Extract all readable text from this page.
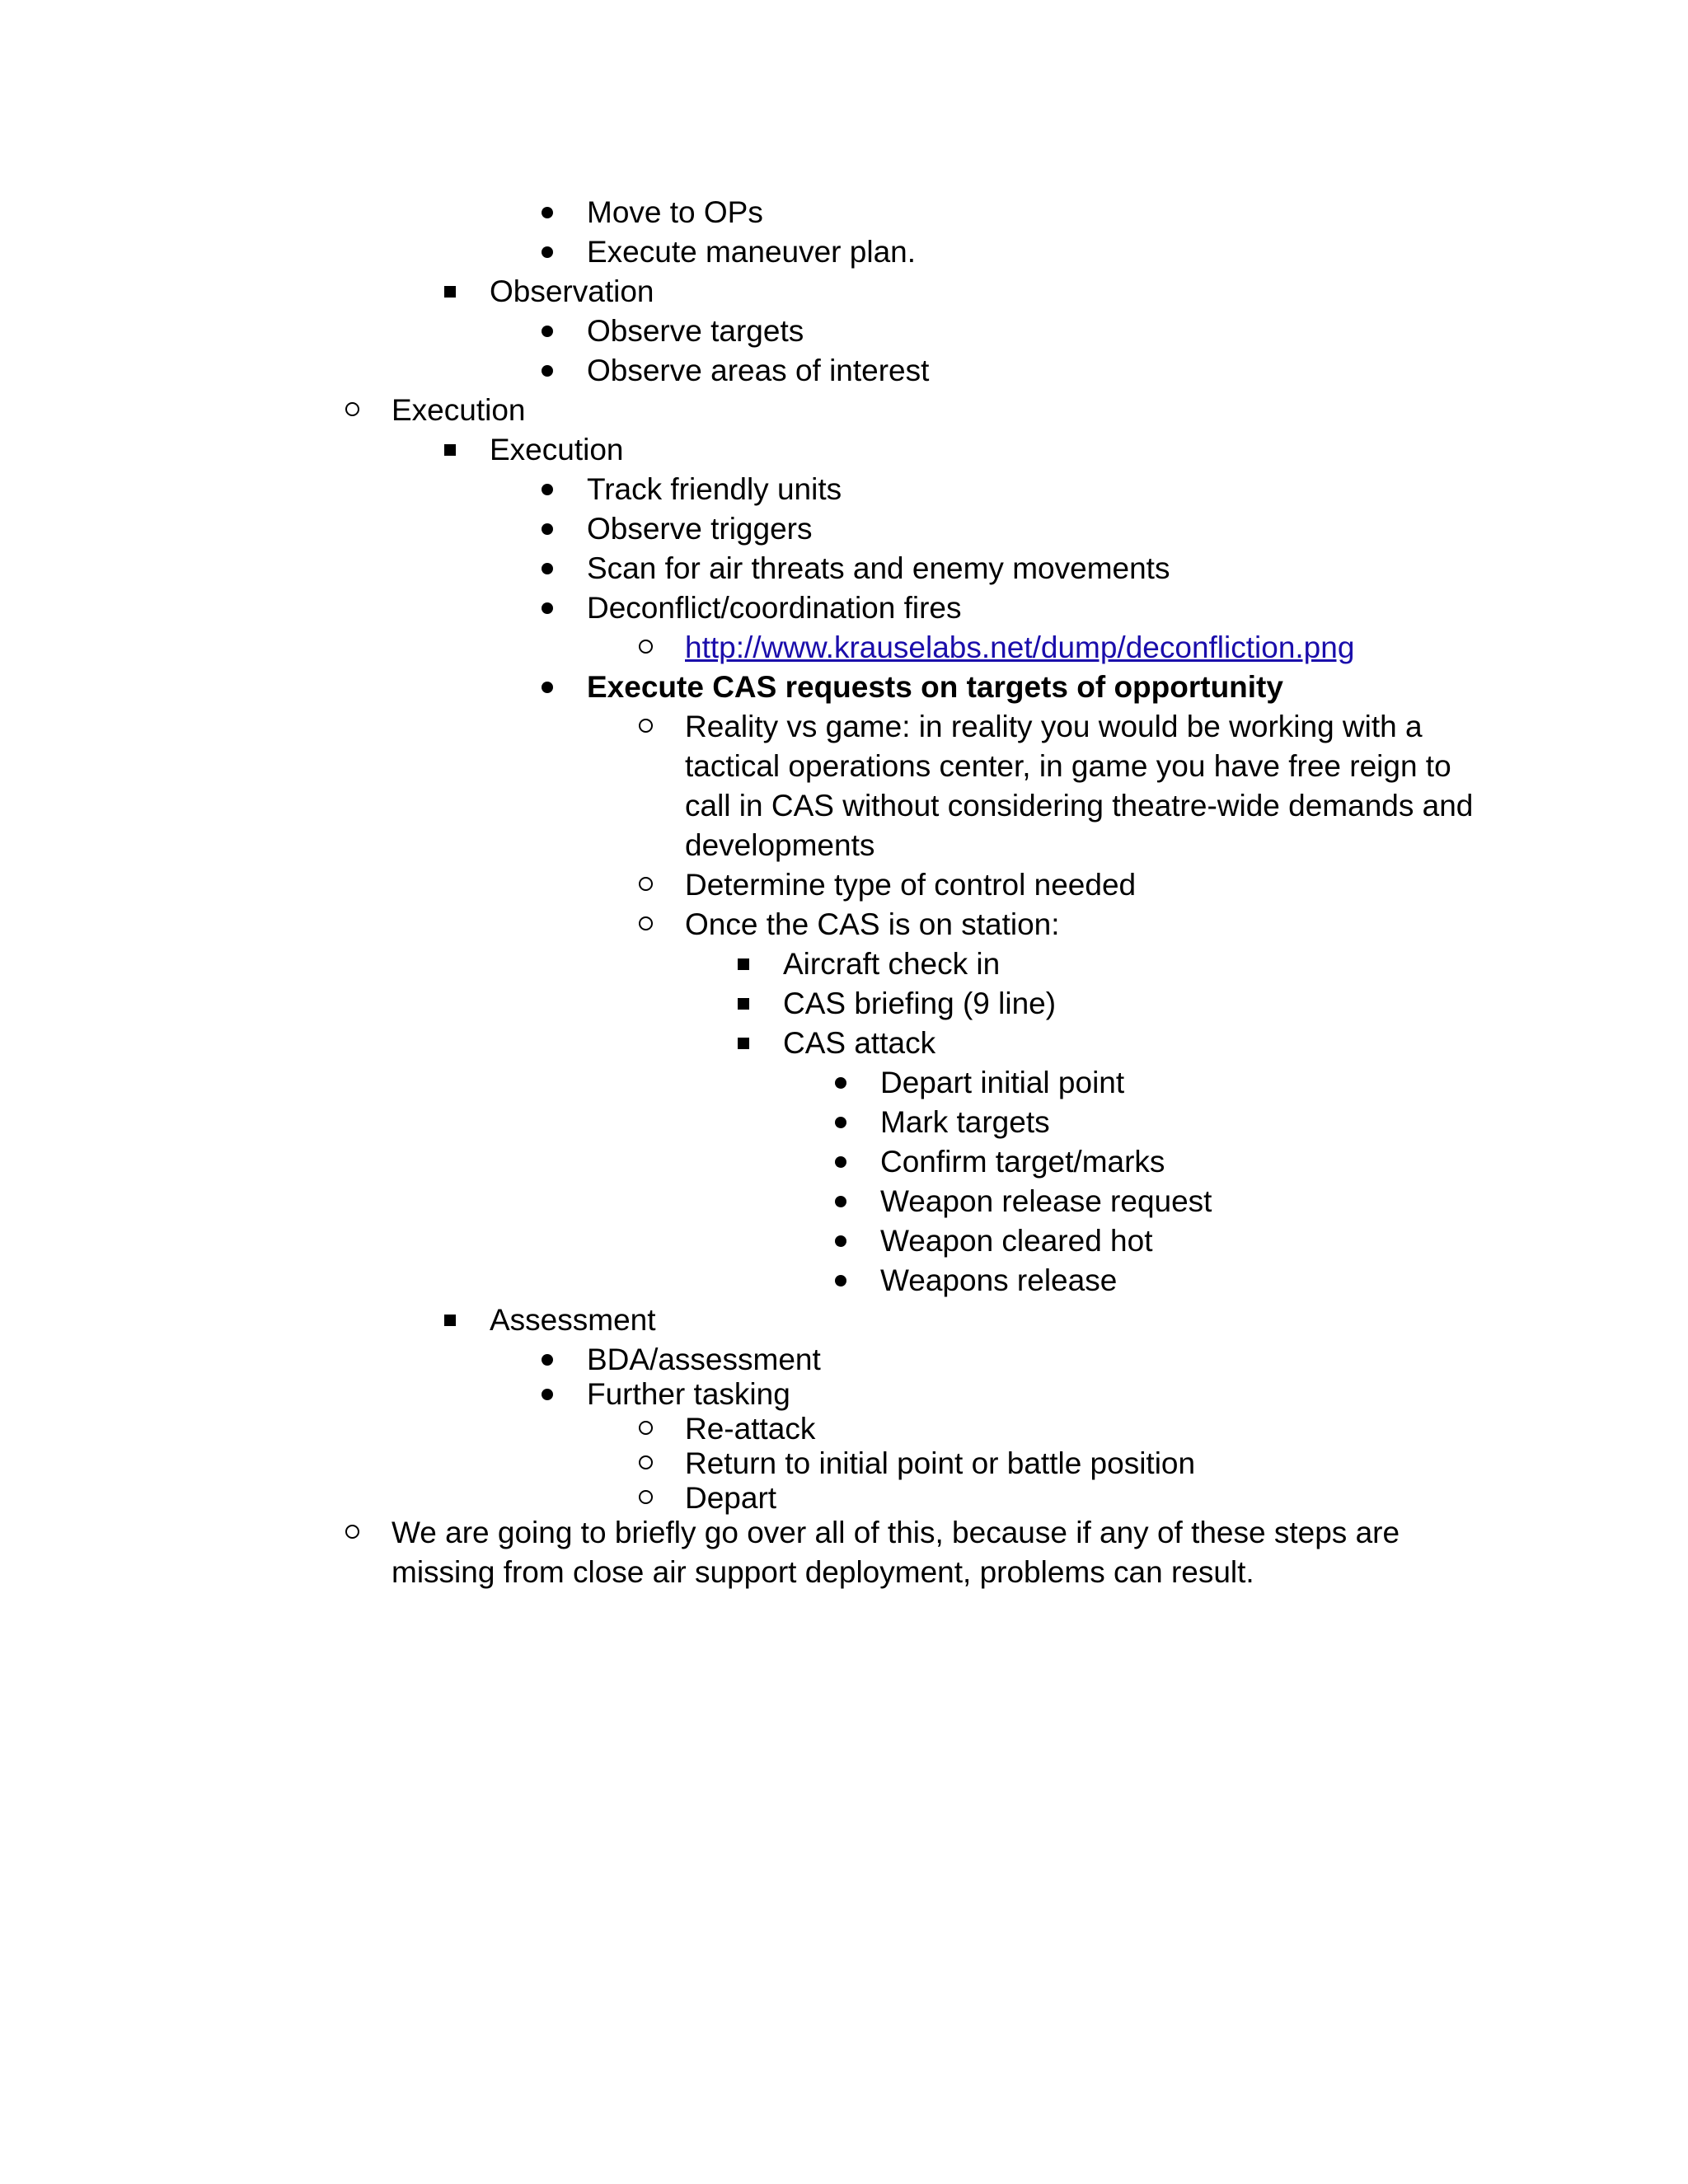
Move to OPs
Execute maneuver plan.
Observation
Observe targets
Observe areas of interest
Execution
Execution
Track friendly units
Observe triggers
Scan for air threats and enemy movements
Deconflict/coordination fires
http://www.krauselabs.net/dump/deconfliction.png
Execute CAS requests on targets of opportunity
Reality vs game: in reality you would be working with a tactical operations center, in game you have free reign to call in CAS without considering theatre-wide demands and developments
Determine type of control needed
Once the CAS is on station:
Aircraft check in
CAS briefing (9 line)
CAS attack
Depart initial point
Mark targets
Confirm target/marks
Weapon release request
Weapon cleared hot
Weapons release
Assessment
BDA/assessment
Further tasking
Re-attack
Return to initial point or battle position
Depart
We are going to briefly go over all of this, because if any of these steps are missing from close air support deployment, problems can result.
